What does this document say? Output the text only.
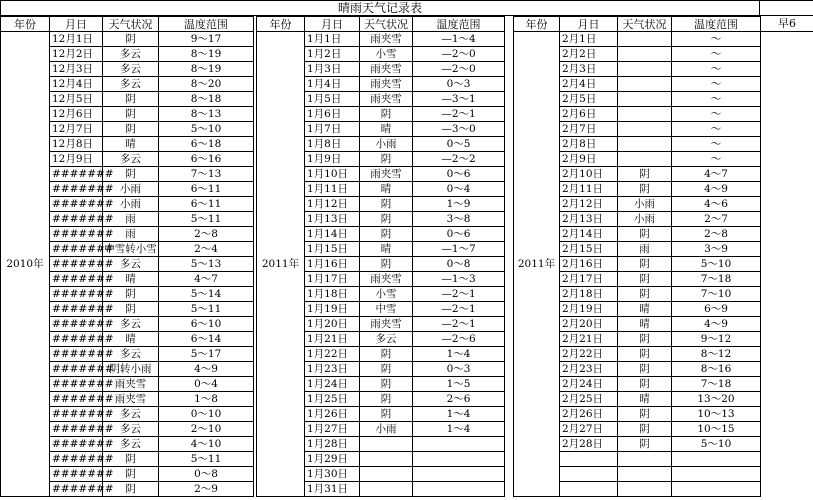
晴雨天气记录表
年份	月日	天气状况	温度范围
2010年	12月1日	阴	9～17
	12月2日	多云	8～19
	12月3日	多云	8～19
	12月4日	多云	8～20
	12月5日	阴	8～18
	12月6日	阴	8～13
	12月7日	阴	5～10
	12月8日	晴	6～18
	12月9日	多云	6～16
	#######	阴	7～13
	#######	小雨	6～11
	#######	小雨	6～11
	#######	雨	5～11
	#######	雨	2～8
	#######	中雪转小雪	2～4
	#######	多云	5～13
	#######	晴	4～7
	#######	阴	5～14
	#######	阴	5～11
	#######	多云	6～10
	#######	晴	6～14
	#######	多云	5～17
	#######	阴转小雨	4～9
	#######	雨夹雪	0～4
	#######	雨夹雪	1～8
	#######	多云	0～10
	#######	多云	2～10
	#######	多云	4～10
	#######	阴	5～11
	#######	阴	0～8
	#######	阴	2～9
年份	月日	天气状况	温度范围
2011年	1月1日	雨夹雪	—1～4
	1月2日	小雪	—2～0
	1月3日	雨夹雪	—2～0
	1月4日	雨夹雪	0～3
	1月5日	雨夹雪	—3～1
	1月6日	阴	—2～1
	1月7日	晴	—3～0
	1月8日	小雨	0～5
	1月9日	阴	—2～2
	1月10日	雨夹雪	0～6
	1月11日	晴	0～4
	1月12日	阴	1～9
	1月13日	阴	3～8
	1月14日	阴	0～6
	1月15日	晴	—1～7
	1月16日	阴	0～8
	1月17日	雨夹雪	—1～3
	1月18日	小雪	—2～1
	1月19日	中雪	—2～1
	1月20日	雨夹雪	—2～1
	1月21日	多云	—2～6
	1月22日	阴	1～4
	1月23日	阴	0～3
	1月24日	阴	1～5
	1月25日	阴	2～6
	1月26日	阴	1～4
	1月27日	小雨	1～4
	1月28日		
	1月29日		
	1月30日		
	1月31日		
年份	月日	天气状况	温度范围
2011年	2月1日		～
	2月2日		～
	2月3日		～
	2月4日		～
	2月5日		～
	2月6日		～
	2月7日		～
	2月8日		～
	2月9日		～
	2月10日	阴	4～7
	2月11日	阴	4～9
	2月12日	小雨	4～6
	2月13日	小雨	2～7
	2月14日	阴	2～8
	2月15日	雨	3～9
	2月16日	阴	5～10
	2月17日	阴	7～18
	2月18日	阴	7～10
	2月19日	晴	6～9
	2月20日	晴	4～9
	2月21日	阴	9～12
	2月22日	阴	8～12
	2月23日	阴	8～16
	2月24日	阴	7～18
	2月25日	晴	13～20
	2月26日	阴	10～13
	2月27日	阴	10～15
	2月28日	阴	5～10

早6
